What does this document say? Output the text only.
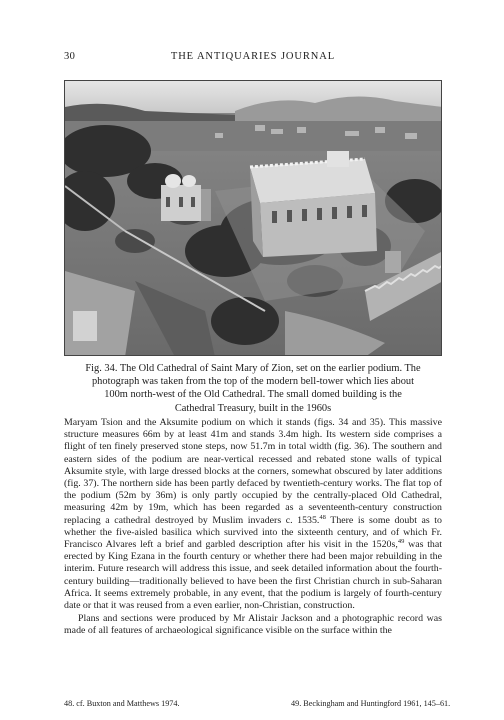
30	THE ANTIQUARIES JOURNAL
Fig. 34. The Old Cathedral of Saint Mary of Zion, set on the earlier podium. The photograph was taken from the top of the modern bell-tower which lies about 100m north-west of the Old Cathedral. The small domed building is the Cathedral Treasury, built in the 1960s

Maryam Tsion and the Aksumite podium on which it stands (figs. 34 and 35). This massive structure measures 66m by at least 41m and stands 3.4m high. Its western side comprises a flight of ten finely preserved stone steps, now 51.7m in total width (fig. 36). The southern and eastern sides of the podium are near-vertical recessed and rebated stone walls of typical Aksumite style, with large dressed blocks at the corners, somewhat obscured by later additions (fig. 37). The northern side has been partly defaced by twentieth-century works. The flat top of the podium (52m by 36m) is only partly occupied by the centrally-placed Old Cathedral, measuring 42m by 19m, which has been regarded as a seventeenth-century construction replacing a cathedral destroyed by Muslim invaders c. 1535.48 There is some doubt as to whether the five-aisled basilica which survived into the sixteenth century, and of which Fr. Francisco Alvares left a brief and garbled description after his visit in the 1520s,$^{49}$ was that erected by King Ezana in the fourth century or whether there had been major rebuilding in the interim. Future research will address this issue, and seek detailed information about the fourth-century building—traditionally believed to have been the first Christian church in sub-Saharan Africa. It seems extremely probable, in any event, that the podium is largely of fourth-century date or that it was reused from a even earlier, non-Christian, construction.

Plans and sections were produced by Mr Alistair Jackson and a photographic record was made of all features of archaeological significance visible on the surface within the

48. cf. Buxton and Matthews 1974.	49. Beckingham and Huntingford 1961, 145–61.
